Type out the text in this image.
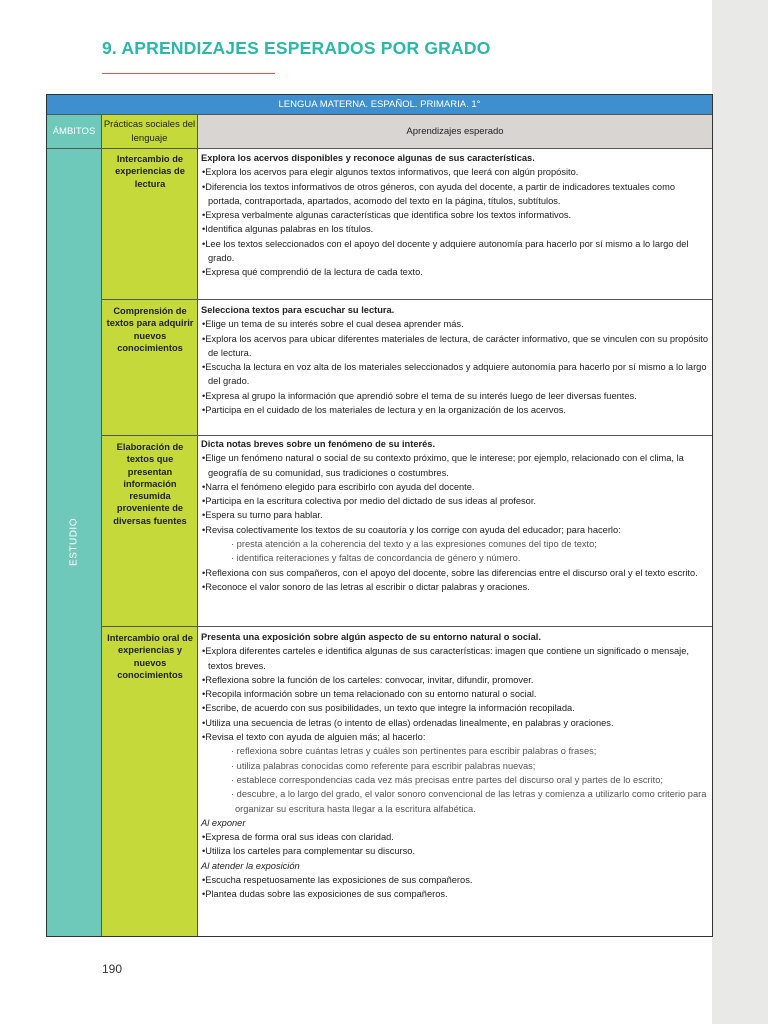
9. APRENDIZAJES ESPERADOS POR GRADO
LENGUA MATERNA. ESPAÑOL. PRIMARIA. 1°
ÁMBITOS
Prácticas sociales del lenguaje
Aprendizajes esperado
ESTUDIO
Intercambio de experiencias de lectura
Explora los acervos disponibles y reconoce algunas de sus características.
•Explora los acervos para elegir algunos textos informativos, que leerá con algún propósito.
•Diferencia los textos informativos de otros géneros, con ayuda del docente, a partir de indicadores textuales como portada, contraportada, apartados, acomodo del texto en la página, títulos, subtítulos.
•Expresa verbalmente algunas características que identifica sobre los textos informativos.
•Identifica algunas palabras en los títulos.
•Lee los textos seleccionados con el apoyo del docente y adquiere autonomía para hacerlo por sí mismo a lo largo del grado.
•Expresa qué comprendió de la lectura de cada texto.
Comprensión de textos para adquirir nuevos conocimientos
Selecciona textos para escuchar su lectura.
•Elige un tema de su interés sobre el cual desea aprender más.
•Explora los acervos para ubicar diferentes materiales de lectura, de carácter informativo, que se vinculen con su propósito de lectura.
•Escucha la lectura en voz alta de los materiales seleccionados y adquiere autonomía para hacerlo por sí mismo a lo largo del grado.
•Expresa al grupo la información que aprendió sobre el tema de su interés luego de leer diversas fuentes.
•Participa en el cuidado de los materiales de lectura y en la organización de los acervos.
Elaboración de textos que presentan información resumida proveniente de diversas fuentes
Dicta notas breves sobre un fenómeno de su interés.
•Elige un fenómeno natural o social de su contexto próximo, que le interese; por ejemplo, relacionado con el clima, la geografía de su comunidad, sus tradiciones o costumbres.
•Narra el fenómeno elegido para escribirlo con ayuda del docente.
•Participa en la escritura colectiva por medio del dictado de sus ideas al profesor.
•Espera su turno para hablar.
•Revisa colectivamente los textos de su coautoría y los corrige con ayuda del educador; para hacerlo:
· presta atención a la coherencia del texto y a las expresiones comunes del tipo de texto;
· identifica reiteraciones y faltas de concordancia de género y número.
•Reflexiona con sus compañeros, con el apoyo del docente, sobre las diferencias entre el discurso oral y el texto escrito.
•Reconoce el valor sonoro de las letras al escribir o dictar palabras y oraciones.
Intercambio oral de experiencias y nuevos conocimientos
Presenta una exposición sobre algún aspecto de su entorno natural o social.
•Explora diferentes carteles e identifica algunas de sus características: imagen que contiene un significado o mensaje, textos breves.
•Reflexiona sobre la función de los carteles: convocar, invitar, difundir, promover.
•Recopila información sobre un tema relacionado con su entorno natural o social.
•Escribe, de acuerdo con sus posibilidades, un texto que integre la información recopilada.
•Utiliza una secuencia de letras (o intento de ellas) ordenadas linealmente, en palabras y oraciones.
•Revisa el texto con ayuda de alguien más; al hacerlo:
· reflexiona sobre cuántas letras y cuáles son pertinentes para escribir palabras o frases;
· utiliza palabras conocidas como referente para escribir palabras nuevas;
· establece correspondencias cada vez más precisas entre partes del discurso oral y partes de lo escrito;
· descubre, a lo largo del grado, el valor sonoro convencional de las letras y comienza a utilizarlo como criterio para organizar su escritura hasta llegar a la escritura alfabética.
Al exponer
•Expresa de forma oral sus ideas con claridad.
•Utiliza los carteles para complementar su discurso.
Al atender la exposición
•Escucha respetuosamente las exposiciones de sus compañeros.
•Plantea dudas sobre las exposiciones de sus compañeros.
190
